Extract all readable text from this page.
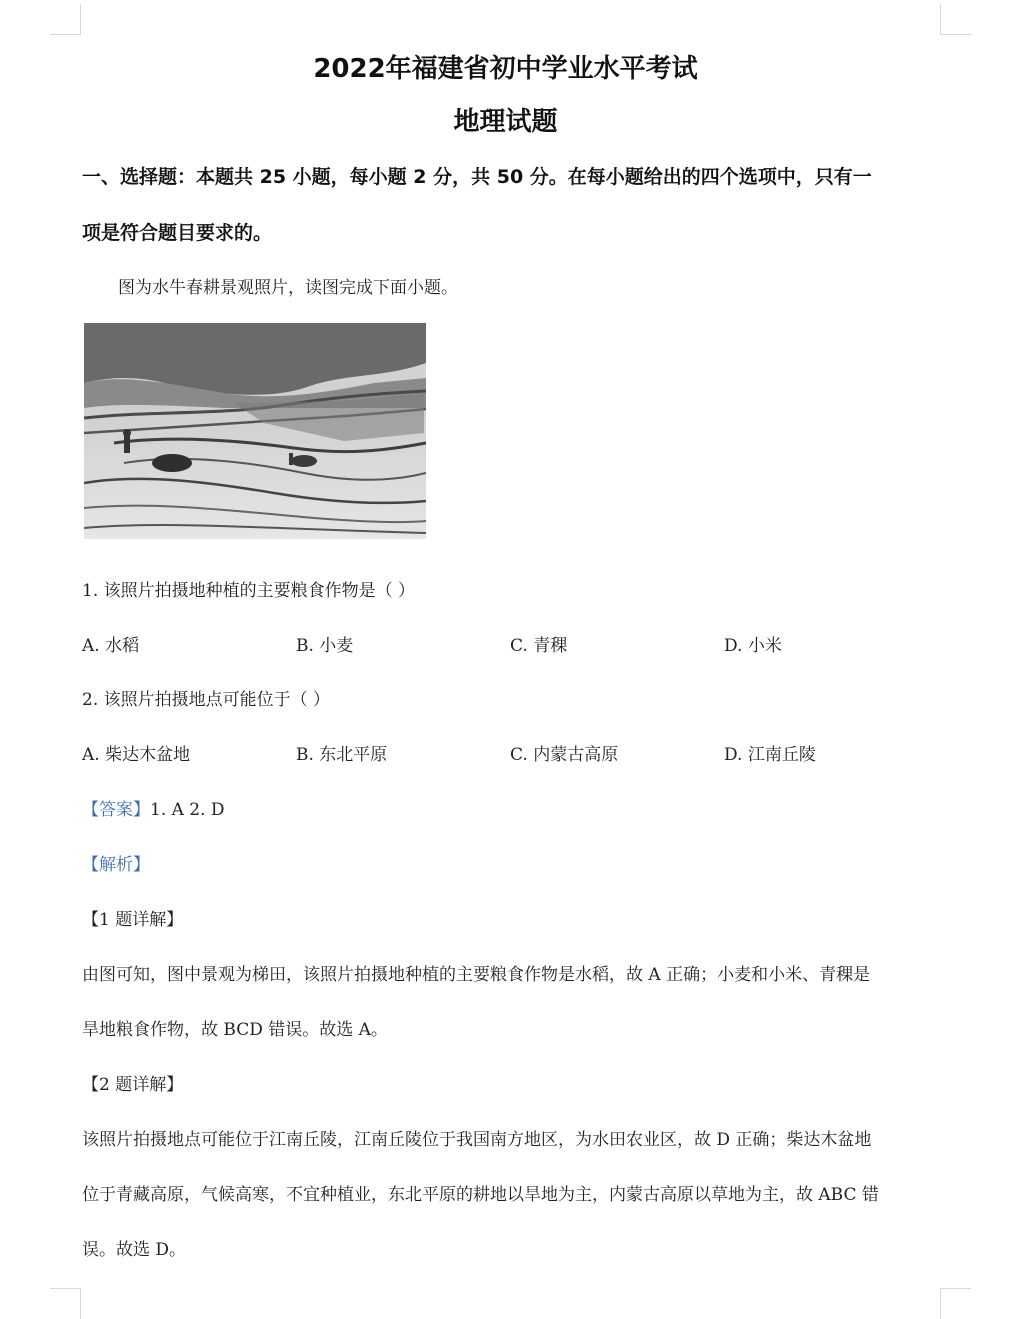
2022年福建省初中学业水平考试
地理试题
一、选择题：本题共 25 小题，每小题 2 分，共 50 分。在每小题给出的四个选项中，只有一
项是符合题目要求的。
图为水牛春耕景观照片，读图完成下面小题。
1. 该照片拍摄地种植的主要粮食作物是（ ）
A. 水稻	B. 小麦	C. 青稞	D. 小米
2. 该照片拍摄地点可能位于（ ）
A. 柴达木盆地	B. 东北平原	C. 内蒙古高原	D. 江南丘陵
【答案】1. A 2. D
【解析】
【1 题详解】
由图可知，图中景观为梯田，该照片拍摄地种植的主要粮食作物是水稻，故 A 正确；小麦和小米、青稞是
旱地粮食作物，故 BCD 错误。故选 A。
【2 题详解】
该照片拍摄地点可能位于江南丘陵，江南丘陵位于我国南方地区，为水田农业区，故 D 正确；柴达木盆地
位于青藏高原，气候高寒，不宜种植业，东北平原的耕地以旱地为主，内蒙古高原以草地为主，故 ABC 错
误。故选 D。
